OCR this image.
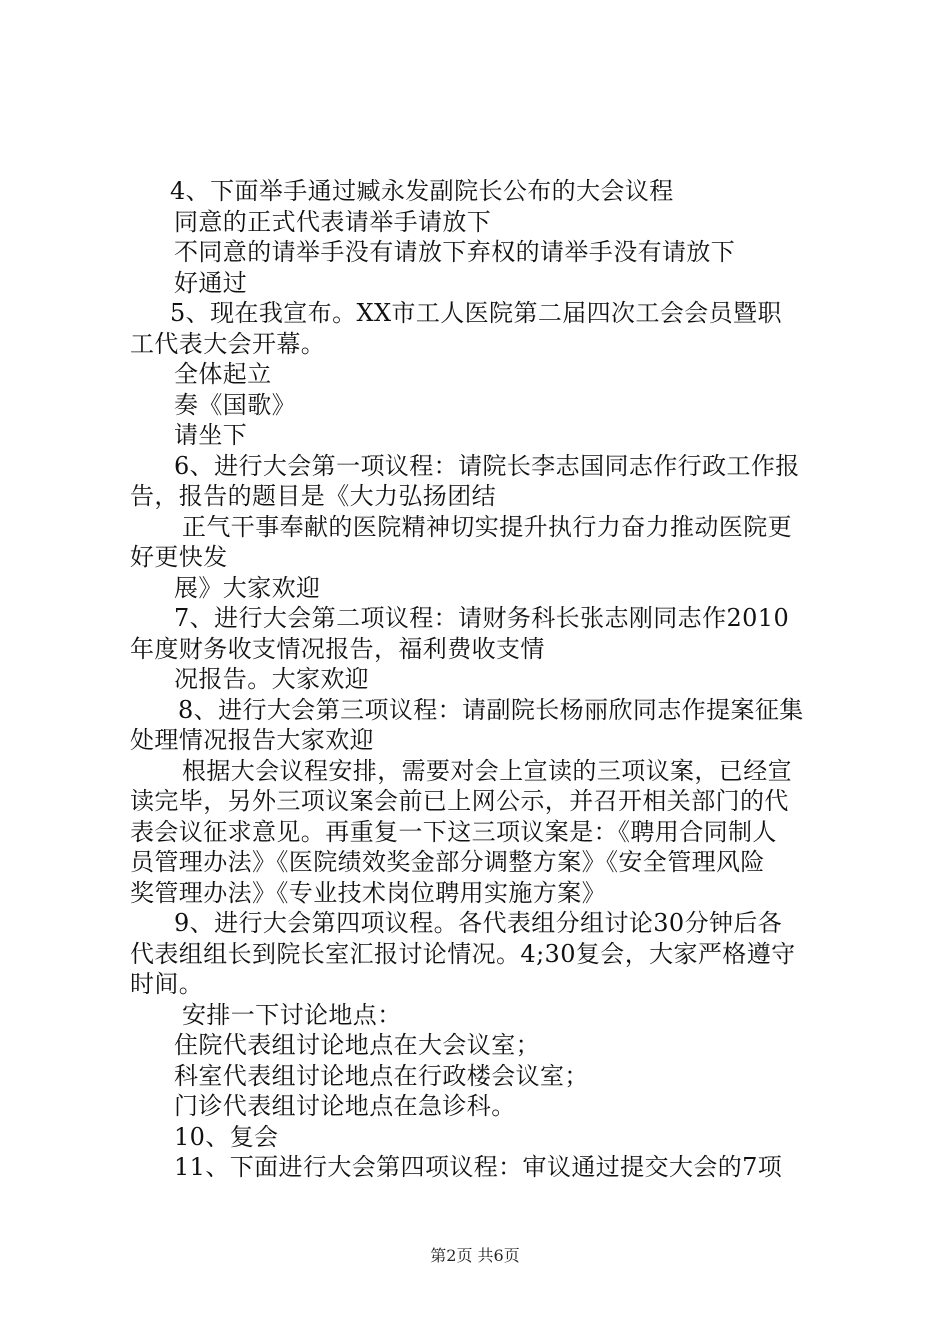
4、下面举手通过臧永发副院长公布的大会议程
同意的正式代表请举手请放下
不同意的请举手没有请放下弃权的请举手没有请放下
好通过
5、现在我宣布。XX市工人医院第二届四次工会会员暨职
工代表大会开幕。
全体起立
奏《国歌》
请坐下
6、进行大会第一项议程：请院长李志国同志作行政工作报
告，报告的题目是《大力弘扬团结
正气干事奉献的医院精神切实提升执行力奋力推动医院更
好更快发
展》大家欢迎
7、进行大会第二项议程：请财务科长张志刚同志作2010
年度财务收支情况报告，福利费收支情
况报告。大家欢迎
8、进行大会第三项议程：请副院长杨丽欣同志作提案征集
处理情况报告大家欢迎
根据大会议程安排，需要对会上宣读的三项议案，已经宣
读完毕，另外三项议案会前已上网公示，并召开相关部门的代
表会议征求意见。再重复一下这三项议案是：《聘用合同制人
员管理办法》《医院绩效奖金部分调整方案》《安全管理风险
奖管理办法》《专业技术岗位聘用实施方案》
9、进行大会第四项议程。各代表组分组讨论30分钟后各
代表组组长到院长室汇报讨论情况。4;30复会，大家严格遵守
时间。
安排一下讨论地点：
住院代表组讨论地点在大会议室；
科室代表组讨论地点在行政楼会议室；
门诊代表组讨论地点在急诊科。
10、复会
11、下面进行大会第四项议程：审议通过提交大会的7项
第2页 共6页
